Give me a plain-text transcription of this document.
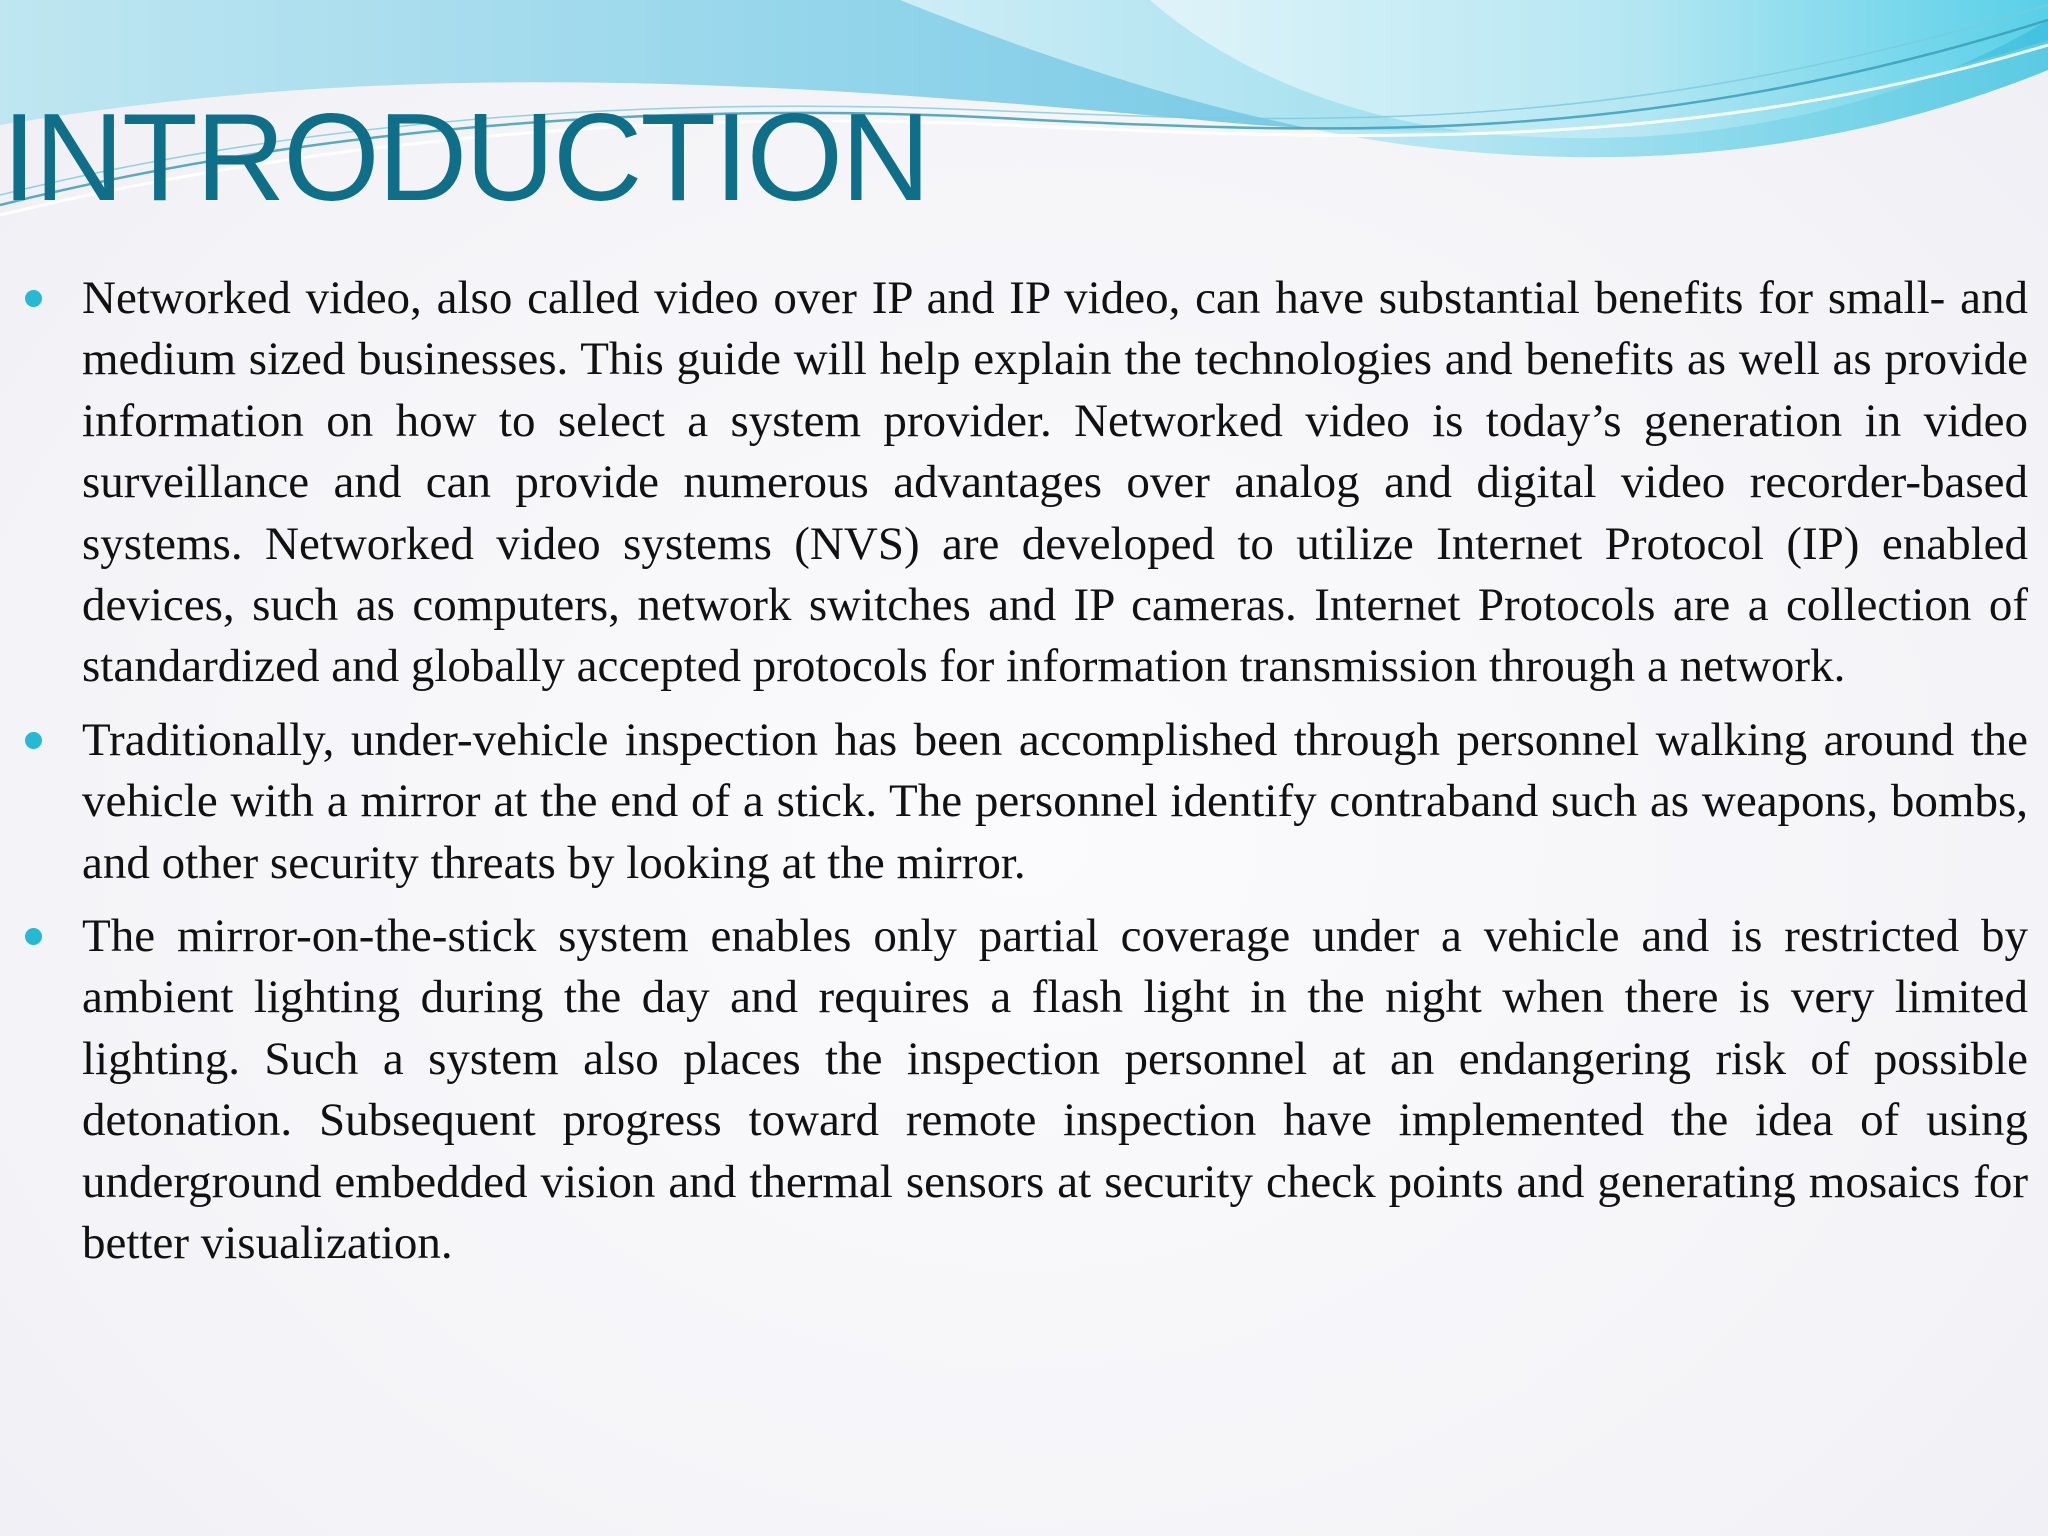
INTRODUCTION
Networked video, also called video over IP and IP video, can have substantial benefits for small- and medium sized businesses. This guide will help explain the technologies and benefits as well as provide information on how to select a system provider. Networked video is today’s generation in video surveillance and can provide numerous advantages over analog and digital video recorder-based systems. Networked video systems (NVS) are developed to utilize Internet Protocol (IP) enabled devices, such as computers, network switches and IP cameras. Internet Protocols are a collection of standardized and globally accepted protocols for information transmission through a network.
Traditionally, under-vehicle inspection has been accomplished through personnel walking around the vehicle with a mirror at the end of a stick. The personnel identify contraband such as weapons, bombs, and other security threats by looking at the mirror.
The mirror-on-the-stick system enables only partial coverage under a vehicle and is restricted by ambient lighting during the day and requires a flash light in the night when there is very limited lighting. Such a system also places the inspection personnel at an endangering risk of possible detonation. Subsequent progress toward remote inspection have implemented the idea of using underground embedded vision and thermal sensors at security check points and generating mosaics for better visualization.
